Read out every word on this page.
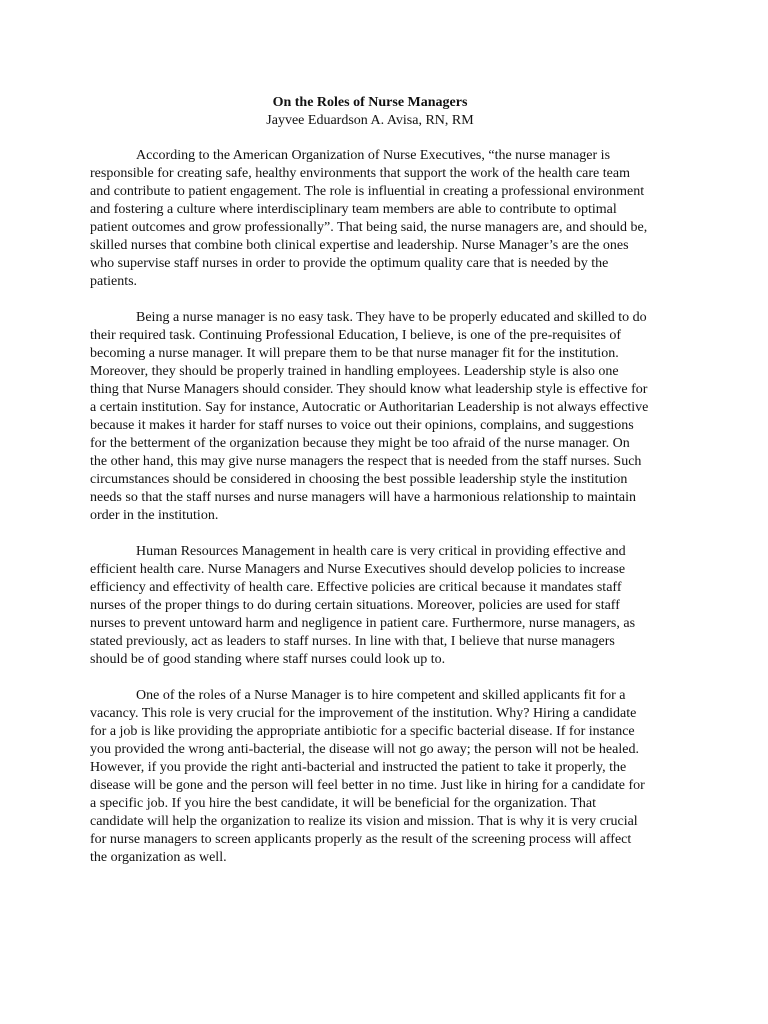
On the Roles of Nurse Managers

Jayvee Eduardson A. Avisa, RN, RM

According to the American Organization of Nurse Executives, “the nurse manager is responsible for creating safe, healthy environments that support the work of the health care team and contribute to patient engagement. The role is influential in creating a professional environment and fostering a culture where interdisciplinary team members are able to contribute to optimal patient outcomes and grow professionally”. That being said, the nurse managers are, and should be, skilled nurses that combine both clinical expertise and leadership. Nurse Manager’s are the ones who supervise staff nurses in order to provide the optimum quality care that is needed by the patients.

Being a nurse manager is no easy task. They have to be properly educated and skilled to do their required task. Continuing Professional Education, I believe, is one of the pre-requisites of becoming a nurse manager. It will prepare them to be that nurse manager fit for the institution. Moreover, they should be properly trained in handling employees. Leadership style is also one thing that Nurse Managers should consider. They should know what leadership style is effective for a certain institution. Say for instance, Autocratic or Authoritarian Leadership is not always effective because it makes it harder for staff nurses to voice out their opinions, complains, and suggestions for the betterment of the organization because they might be too afraid of the nurse manager. On the other hand, this may give nurse managers the respect that is needed from the staff nurses. Such circumstances should be considered in choosing the best possible leadership style the institution needs so that the staff nurses and nurse managers will have a harmonious relationship to maintain order in the institution.

Human Resources Management in health care is very critical in providing effective and efficient health care. Nurse Managers and Nurse Executives should develop policies to increase efficiency and effectivity of health care. Effective policies are critical because it mandates staff nurses of the proper things to do during certain situations. Moreover, policies are used for staff nurses to prevent untoward harm and negligence in patient care. Furthermore, nurse managers, as stated previously, act as leaders to staff nurses. In line with that, I believe that nurse managers should be of good standing where staff nurses could look up to.

One of the roles of a Nurse Manager is to hire competent and skilled applicants fit for a vacancy. This role is very crucial for the improvement of the institution. Why? Hiring a candidate for a job is like providing the appropriate antibiotic for a specific bacterial disease. If for instance you provided the wrong anti-bacterial, the disease will not go away; the person will not be healed. However, if you provide the right anti-bacterial and instructed the patient to take it properly, the disease will be gone and the person will feel better in no time. Just like in hiring for a candidate for a specific job. If you hire the best candidate, it will be beneficial for the organization. That candidate will help the organization to realize its vision and mission. That is why it is very crucial for nurse managers to screen applicants properly as the result of the screening process will affect the organization as well.
